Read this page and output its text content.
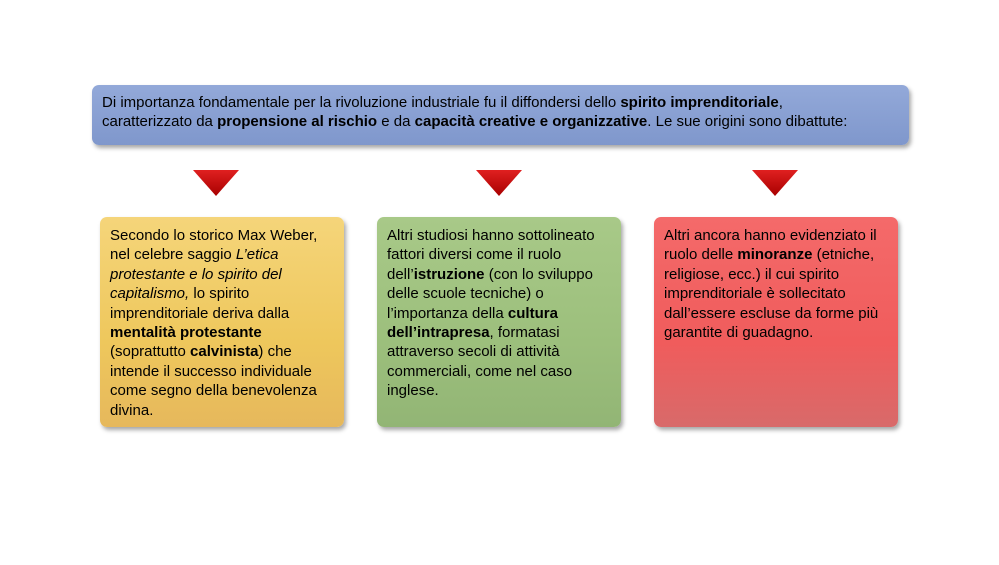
Di importanza fondamentale per la rivoluzione industriale fu il diffondersi dello spirito imprenditoriale,
caratterizzato da propensione al rischio e da capacità creative e organizzative. Le sue origini sono dibattute:

Secondo lo storico Max Weber, nel celebre saggio L’etica protestante e lo spirito del capitalismo, lo spirito imprenditoriale deriva dalla mentalità protestante (soprattutto calvinista) che intende il successo individuale come segno della benevolenza divina.

Altri studiosi hanno sottolineato fattori diversi come il ruolo dell’istruzione (con lo sviluppo delle scuole tecniche) o l’importanza della cultura dell’intrapresa, formatasi attraverso secoli di attività commerciali, come nel caso inglese.

Altri ancora hanno evidenziato il ruolo delle minoranze (etniche, religiose, ecc.) il cui spirito imprenditoriale è sollecitato dall’essere escluse da forme più garantite di guadagno.
